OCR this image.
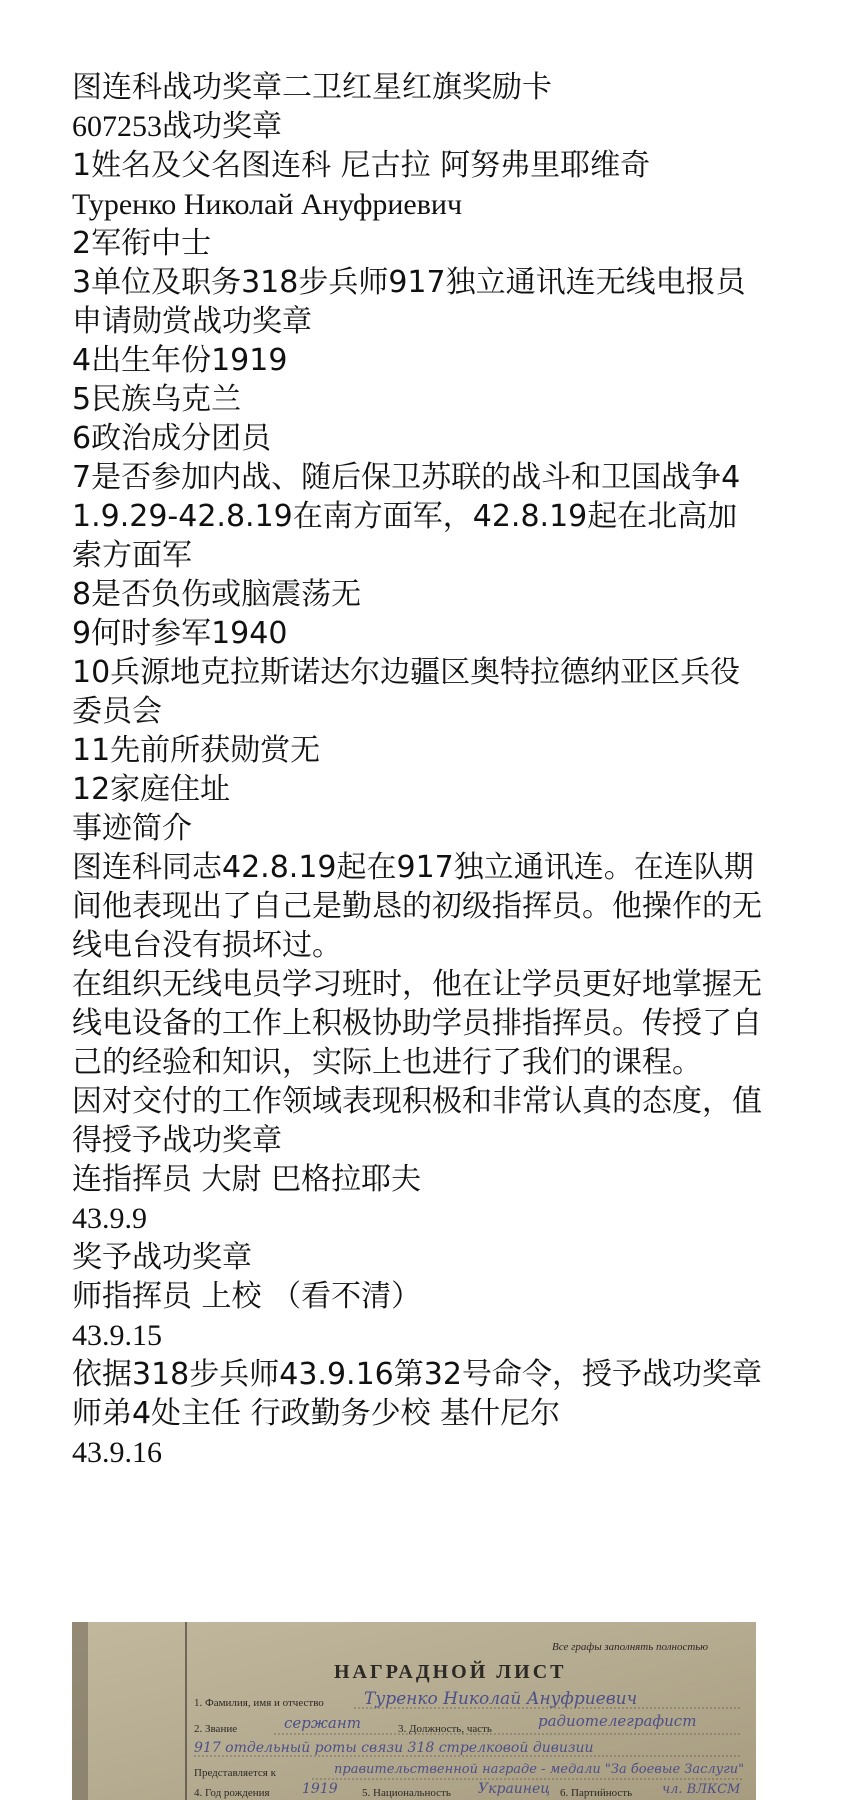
图连科战功奖章二卫红星红旗奖励卡
607253战功奖章
1姓名及父名图连科 尼古拉 阿努弗里耶维奇
Туренко Николай Ануфриевич
2军衔中士
3单位及职务318步兵师917独立通讯连无线电报员
申请勋赏战功奖章
4出生年份1919
5民族乌克兰
6政治成分团员
7是否参加内战、随后保卫苏联的战斗和卫国战争41.9.29-42.8.19在南方面军，42.8.19起在北高加索方面军
8是否负伤或脑震荡无
9何时参军1940
10兵源地克拉斯诺达尔边疆区奥特拉德纳亚区兵役委员会
11先前所获勋赏无
12家庭住址
事迹简介
图连科同志42.8.19起在917独立通讯连。在连队期间他表现出了自己是勤恳的初级指挥员。他操作的无线电台没有损坏过。
在组织无线电员学习班时，他在让学员更好地掌握无线电设备的工作上积极协助学员排指挥员。传授了自己的经验和知识，实际上也进行了我们的课程。
因对交付的工作领域表现积极和非常认真的态度，值得授予战功奖章
连指挥员 大尉 巴格拉耶夫
43.9.9
奖予战功奖章
师指挥员 上校 （看不清）
43.9.15
依据318步兵师43.9.16第32号命令，授予战功奖章
师弟4处主任 行政勤务少校 基什尼尔
43.9.16
Все графы заполнять полностью
НАГРАДНОЙ ЛИСТ
1. Фамилия, имя и отчество Туренко Николай Ануфриевич
2. Звание	сержант	3. Должность, часть	радиотелеграфист
917 отдельный роты связи 318 стрелковой дивизии
Представляется к	правительственной награде - медали "За боевые Заслуги"
4. Год рождения 1919 5. Национальность Украинец 6. Партийность чл. ВЛКСМ
